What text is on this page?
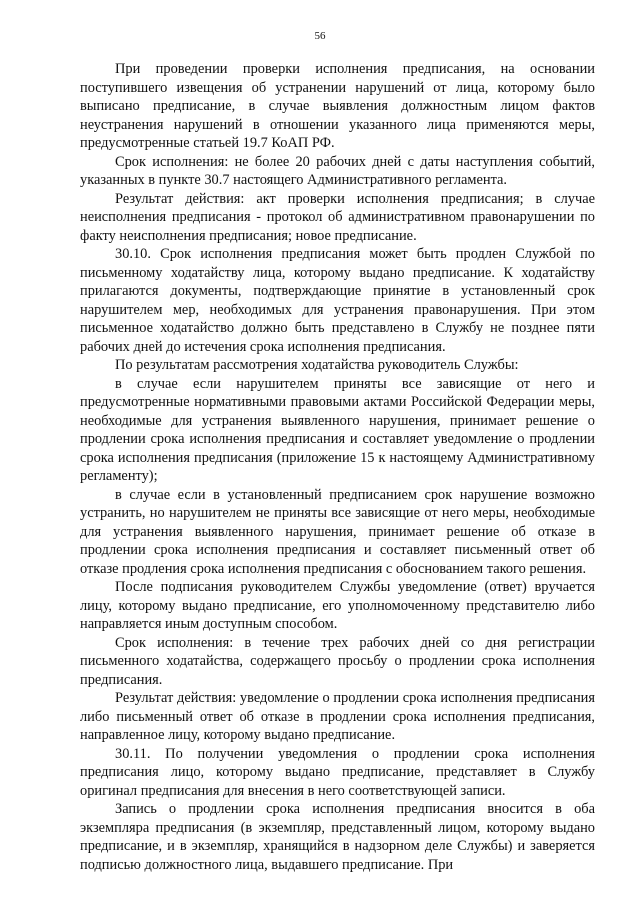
56

При проведении проверки исполнения предписания, на основании поступившего извещения об устранении нарушений от лица, которому было выписано предписание, в случае выявления должностным лицом фактов неустранения нарушений в отношении указанного лица применяются меры, предусмотренные статьей 19.7 КоАП РФ.

Срок исполнения: не более 20 рабочих дней с даты наступления событий, указанных в пункте 30.7 настоящего Административного регламента.

Результат действия: акт проверки исполнения предписания; в случае неисполнения предписания - протокол об административном правонарушении по факту неисполнения предписания; новое предписание.

30.10. Срок исполнения предписания может быть продлен Службой по письменному ходатайству лица, которому выдано предписание. К ходатайству прилагаются документы, подтверждающие принятие в установленный срок нарушителем мер, необходимых для устранения правонарушения. При этом письменное ходатайство должно быть представлено в Службу не позднее пяти рабочих дней до истечения срока исполнения предписания.

По результатам рассмотрения ходатайства руководитель Службы:

в случае если нарушителем приняты все зависящие от него и предусмотренные нормативными правовыми актами Российской Федерации меры, необходимые для устранения выявленного нарушения, принимает решение о продлении срока исполнения предписания и составляет уведомление о продлении срока исполнения предписания (приложение 15 к настоящему Административному регламенту);

в случае если в установленный предписанием срок нарушение возможно устранить, но нарушителем не приняты все зависящие от него меры, необходимые для устранения выявленного нарушения, принимает решение об отказе в продлении срока исполнения предписания и составляет письменный ответ об отказе продления срока исполнения предписания с обоснованием такого решения.

После подписания руководителем Службы уведомление (ответ) вручается лицу, которому выдано предписание, его уполномоченному представителю либо направляется иным доступным способом.

Срок исполнения: в течение трех рабочих дней со дня регистрации письменного ходатайства, содержащего просьбу о продлении срока исполнения предписания.

Результат действия: уведомление о продлении срока исполнения предписания либо письменный ответ об отказе в продлении срока исполнения предписания, направленное лицу, которому выдано предписание.

30.11. По получении уведомления о продлении срока исполнения предписания лицо, которому выдано предписание, представляет в Службу оригинал предписания для внесения в него соответствующей записи.

Запись о продлении срока исполнения предписания вносится в оба экземпляра предписания (в экземпляр, представленный лицом, которому выдано предписание, и в экземпляр, хранящийся в надзорном деле Службы) и заверяется подписью должностного лица, выдавшего предписание. При
